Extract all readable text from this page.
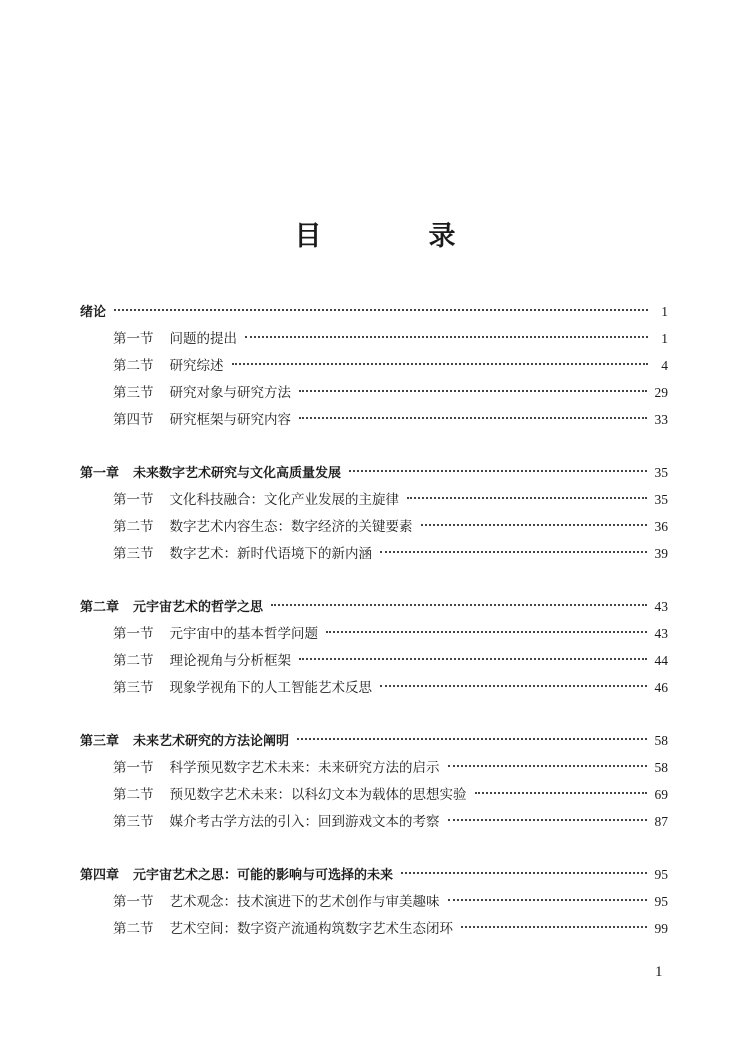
目　录
绪论	1
第一节 问题的提出	1
第二节 研究综述	4
第三节 研究对象与研究方法	29
第四节 研究框架与研究内容	33
第一章 未来数字艺术研究与文化高质量发展	35
第一节 文化科技融合：文化产业发展的主旋律	35
第二节 数字艺术内容生态：数字经济的关键要素	36
第三节 数字艺术：新时代语境下的新内涵	39
第二章 元宇宙艺术的哲学之思	43
第一节 元宇宙中的基本哲学问题	43
第二节 理论视角与分析框架	44
第三节 现象学视角下的人工智能艺术反思	46
第三章 未来艺术研究的方法论阐明	58
第一节 科学预见数字艺术未来：未来研究方法的启示	58
第二节 预见数字艺术未来：以科幻文本为载体的思想实验	69
第三节 媒介考古学方法的引入：回到游戏文本的考察	87
第四章 元宇宙艺术之思：可能的影响与可选择的未来	95
第一节 艺术观念：技术演进下的艺术创作与审美趣味	95
第二节 艺术空间：数字资产流通构筑数字艺术生态闭环	99
1
